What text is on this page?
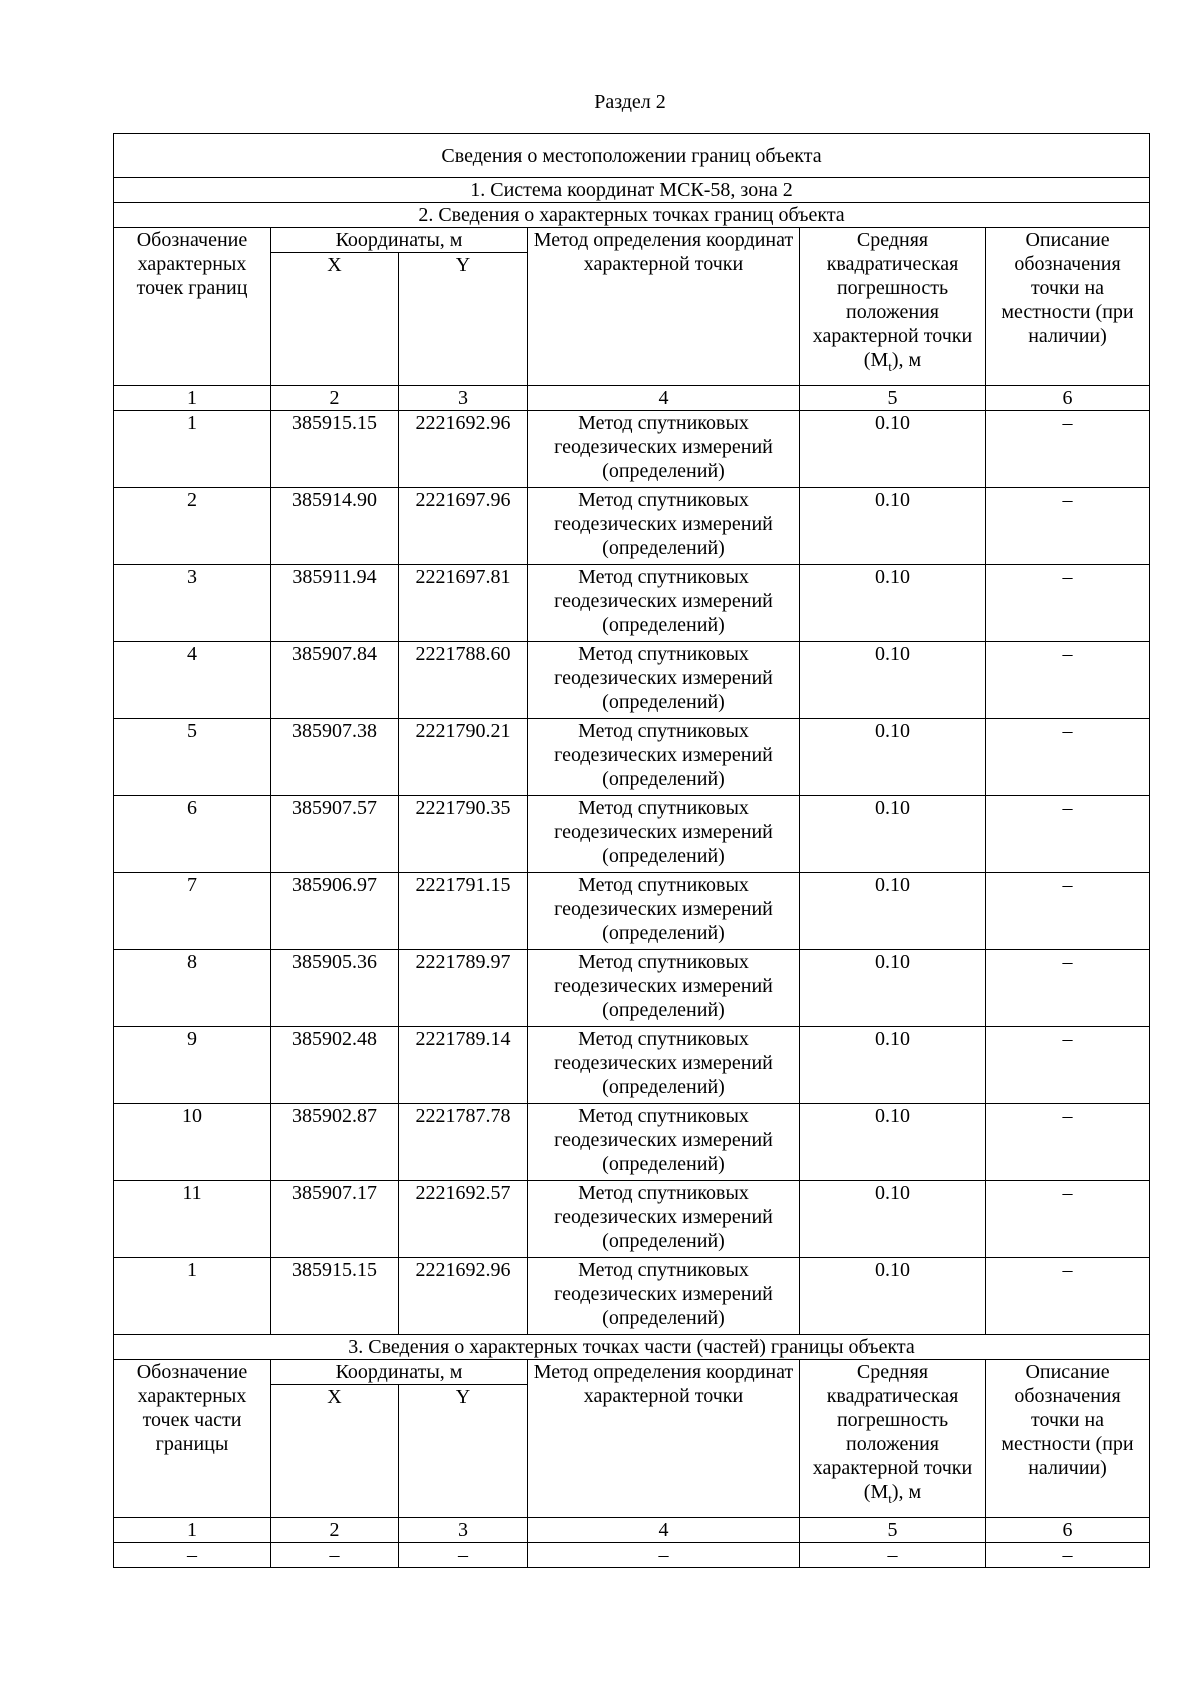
Раздел 2
Сведения о местоположении границ объекта					
1. Система координат МСК-58, зона 2					
2. Сведения о характерных точках границ объекта					
Обозначение характерных точек границ	Координаты, м		Метод определения координат характерной точки	Средняя квадратическая погрешность положения характерной точки $(M_t)$, м	Описание обозначения точки на местности (при наличии)
	X	Y			
1	2	3	4	5	6
1	385915.15	2221692.96	Метод спутниковых геодезических измерений (определений)	0.10	–
2	385914.90	2221697.96	Метод спутниковых геодезических измерений (определений)	0.10	–
3	385911.94	2221697.81	Метод спутниковых геодезических измерений (определений)	0.10	–
4	385907.84	2221788.60	Метод спутниковых геодезических измерений (определений)	0.10	–
5	385907.38	2221790.21	Метод спутниковых геодезических измерений (определений)	0.10	–
6	385907.57	2221790.35	Метод спутниковых геодезических измерений (определений)	0.10	–
7	385906.97	2221791.15	Метод спутниковых геодезических измерений (определений)	0.10	–
8	385905.36	2221789.97	Метод спутниковых геодезических измерений (определений)	0.10	–
9	385902.48	2221789.14	Метод спутниковых геодезических измерений (определений)	0.10	–
10	385902.87	2221787.78	Метод спутниковых геодезических измерений (определений)	0.10	–
11	385907.17	2221692.57	Метод спутниковых геодезических измерений (определений)	0.10	–
1	385915.15	2221692.96	Метод спутниковых геодезических измерений (определений)	0.10	–
3. Сведения о характерных точках части (частей) границы объекта					
Обозначение характерных точек части границы	Координаты, м		Метод определения координат характерной точки	Средняя квадратическая погрешность положения характерной точки $(M_t)$, м	Описание обозначения точки на местности (при наличии)
	X	Y			
1	2	3	4	5	6
–	–	–	–	–	–
